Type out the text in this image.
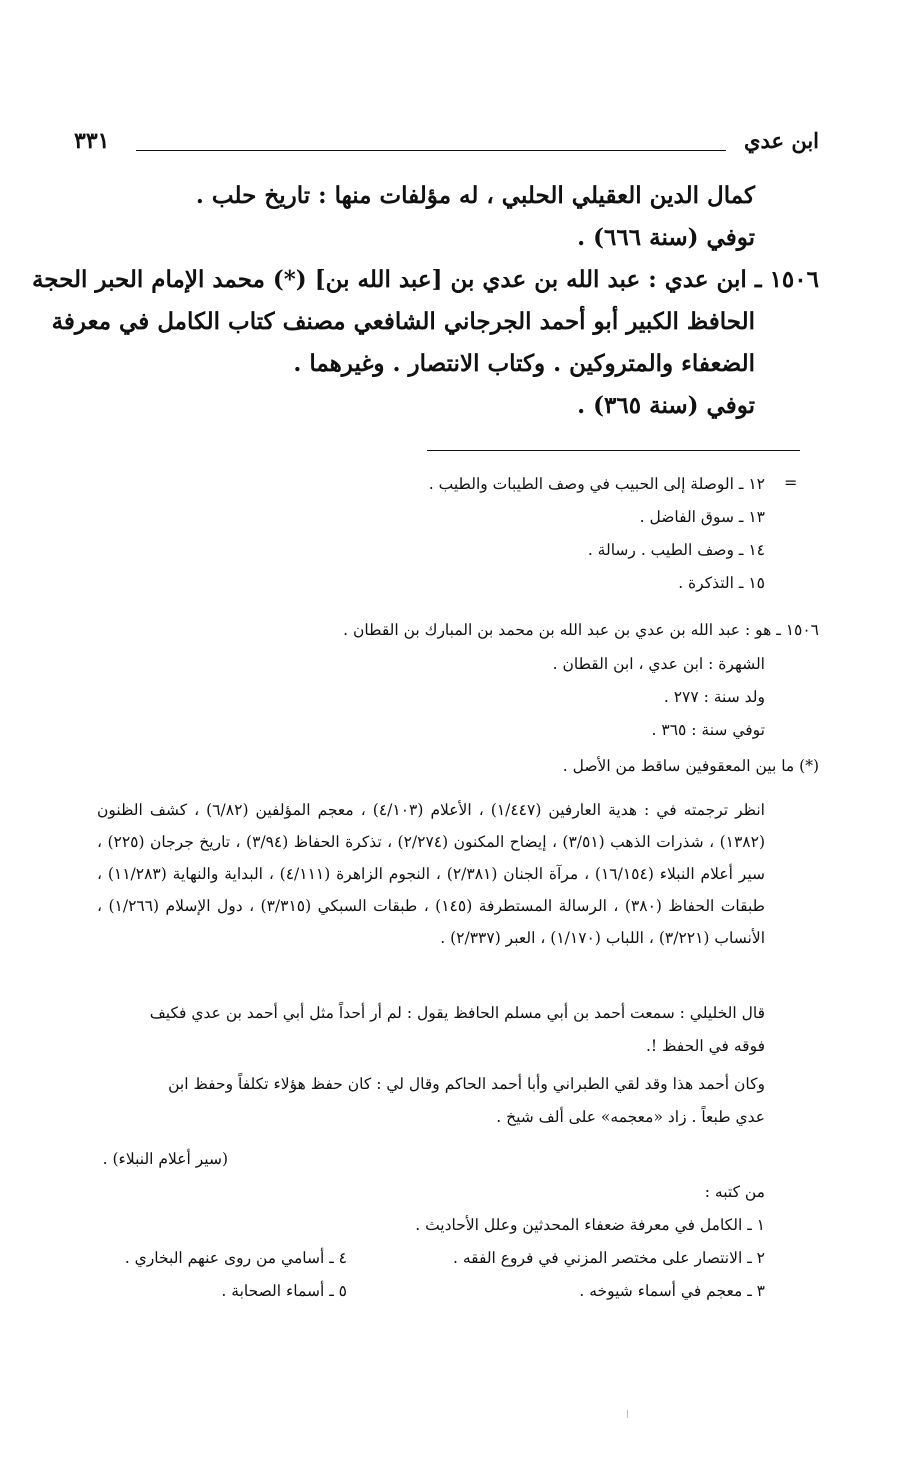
ابن عدي
٣٣١
كمال الدين العقيلي الحلبي ، له مؤلفات منها : تاريخ حلب .
توفي (سنة ٦٦٦) .
١٥٠٦ ـ ابن عدي : عبد الله بن عدي بن [عبد الله بن] (*) محمد الإمام الحبر الحجة
الحافظ الكبير أبو أحمد الجرجاني الشافعي مصنف كتاب الكامل في معرفة
الضعفاء والمتروكين . وكتاب الانتصار . وغيرهما .
توفي (سنة ٣٦٥) .
=
١٢ ـ الوصلة إلى الحبيب في وصف الطيبات والطيب .
١٣ ـ سوق الفاضل .
١٤ ـ وصف الطيب . رسالة .
١٥ ـ التذكرة .
١٥٠٦ ـ هو : عبد الله بن عدي بن عبد الله بن محمد بن المبارك بن القطان .
الشهرة : ابن عدي ، ابن القطان .
ولد سنة : ٢٧٧ .
توفي سنة : ٣٦٥ .
(*) ما بين المعقوفين ساقط من الأصل .
انظر ترجمته في : هدية العارفين (١/٤٤٧) ، الأعلام (٤/١٠٣) ، معجم المؤلفين (٦/٨٢) ، كشف الظنون (١٣٨٢) ، شذرات الذهب (٣/٥١) ، إيضاح المكنون (٢/٢٧٤) ، تذكرة الحفاظ (٣/٩٤) ، تاريخ جرجان (٢٢٥) ، سير أعلام النبلاء (١٦/١٥٤) ، مرآة الجنان (٢/٣٨١) ، النجوم الزاهرة (٤/١١١) ، البداية والنهاية (١١/٢٨٣) ، طبقات الحفاظ (٣٨٠) ، الرسالة المستطرفة (١٤٥) ، طبقات السبكي (٣/٣١٥) ، دول الإسلام (١/٢٦٦) ، الأنساب (٣/٢٢١) ، اللباب (١/١٧٠) ، العبر (٢/٣٣٧) .
قال الخليلي : سمعت أحمد بن أبي مسلم الحافظ يقول : لم أر أحداً مثل أبي أحمد بن عدي فكيف
فوقه في الحفظ !.
وكان أحمد هذا وقد لقي الطبراني وأبا أحمد الحاكم وقال لي : كان حفظ هؤلاء تكلفاً وحفظ ابن
عدي طبعاً . زاد «معجمه» على ألف شيخ .
(سير أعلام النبلاء) .
من كتبه :
١ ـ الكامل في معرفة ضعفاء المحدثين وعلل الأحاديث .
٢ ـ الانتصار على مختصر المزني في فروع الفقه .
٣ ـ معجم في أسماء شيوخه .
٤ ـ أسامي من روى عنهم البخاري .
٥ ـ أسماء الصحابة .
